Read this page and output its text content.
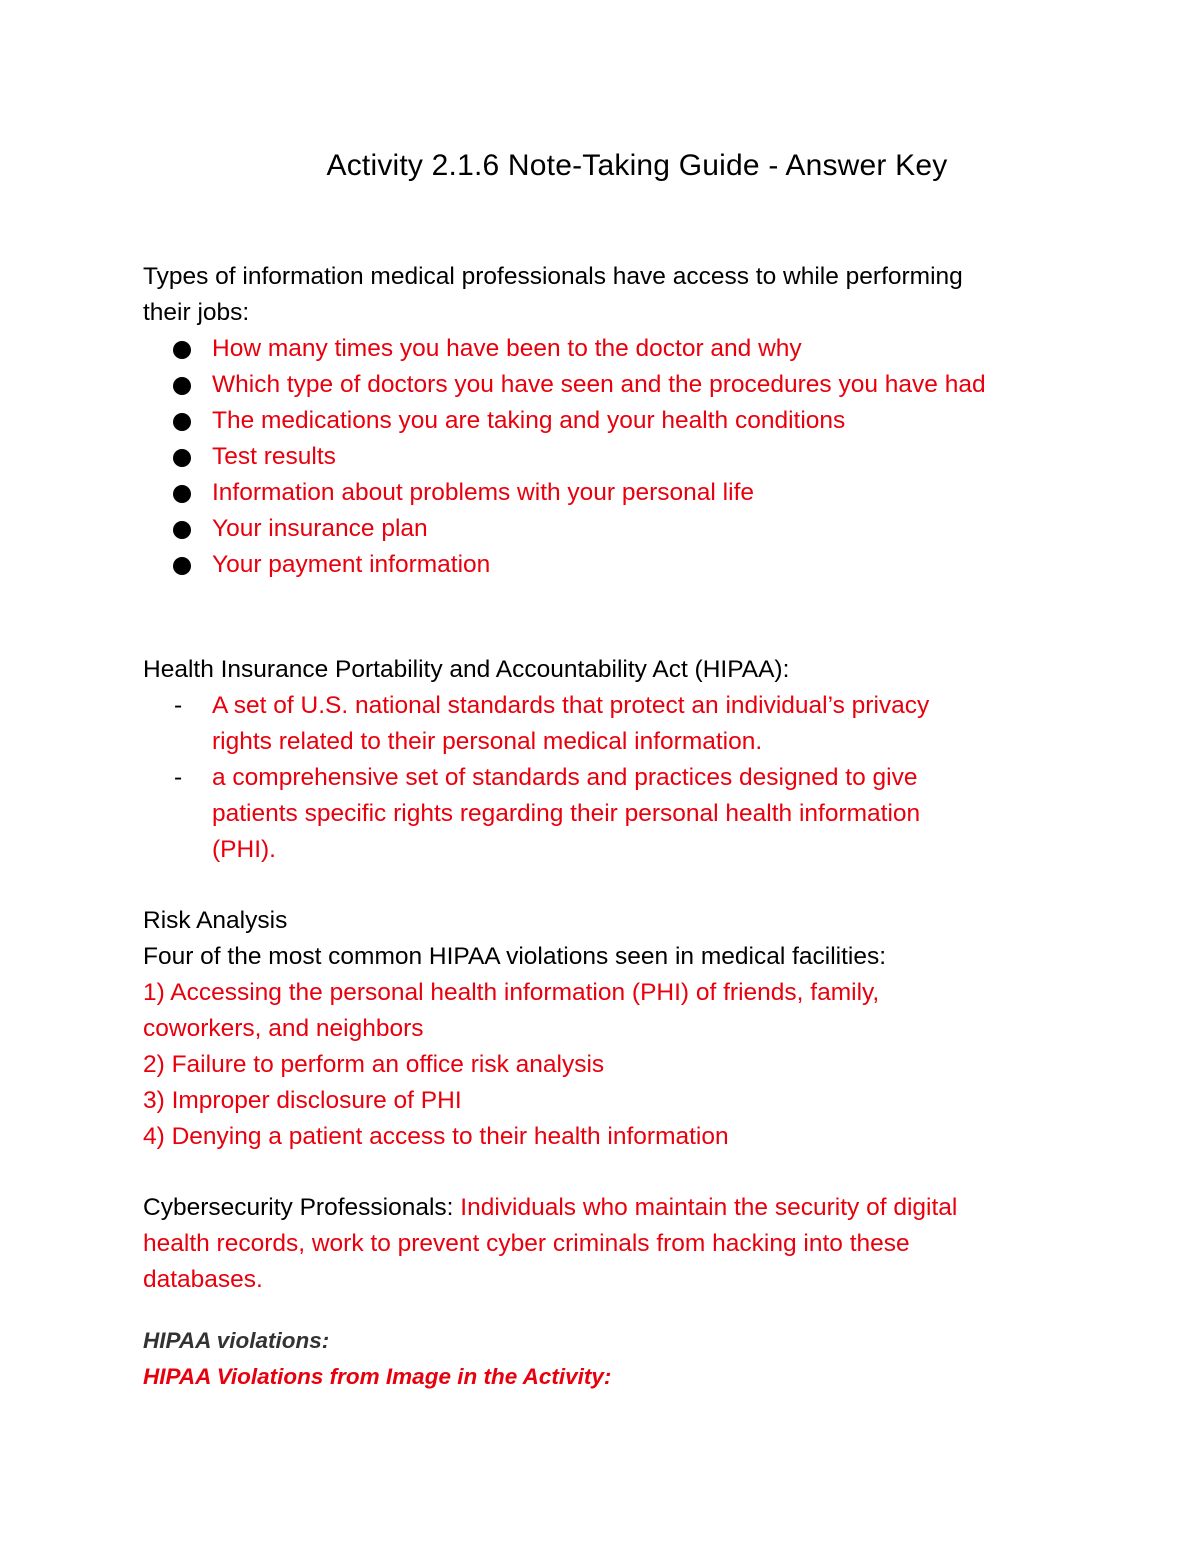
Activity 2.1.6 Note-Taking Guide - Answer Key
Types of information medical professionals have access to while performing
their jobs:
How many times you have been to the doctor and why
Which type of doctors you have seen and the procedures you have had
The medications you are taking and your health conditions
Test results
Information about problems with your personal life
Your insurance plan
Your payment information
Health Insurance Portability and Accountability Act (HIPAA):
- A set of U.S. national standards that protect an individual’s privacy
rights related to their personal medical information.
- a comprehensive set of standards and practices designed to give
patients specific rights regarding their personal health information
(PHI).
Risk Analysis
Four of the most common HIPAA violations seen in medical facilities:
1) Accessing the personal health information (PHI) of friends, family,
coworkers, and neighbors
2) Failure to perform an office risk analysis
3) Improper disclosure of PHI
4) Denying a patient access to their health information
Cybersecurity Professionals: Individuals who maintain the security of digital
health records, work to prevent cyber criminals from hacking into these
databases.
HIPAA violations:
HIPAA Violations from Image in the Activity:
